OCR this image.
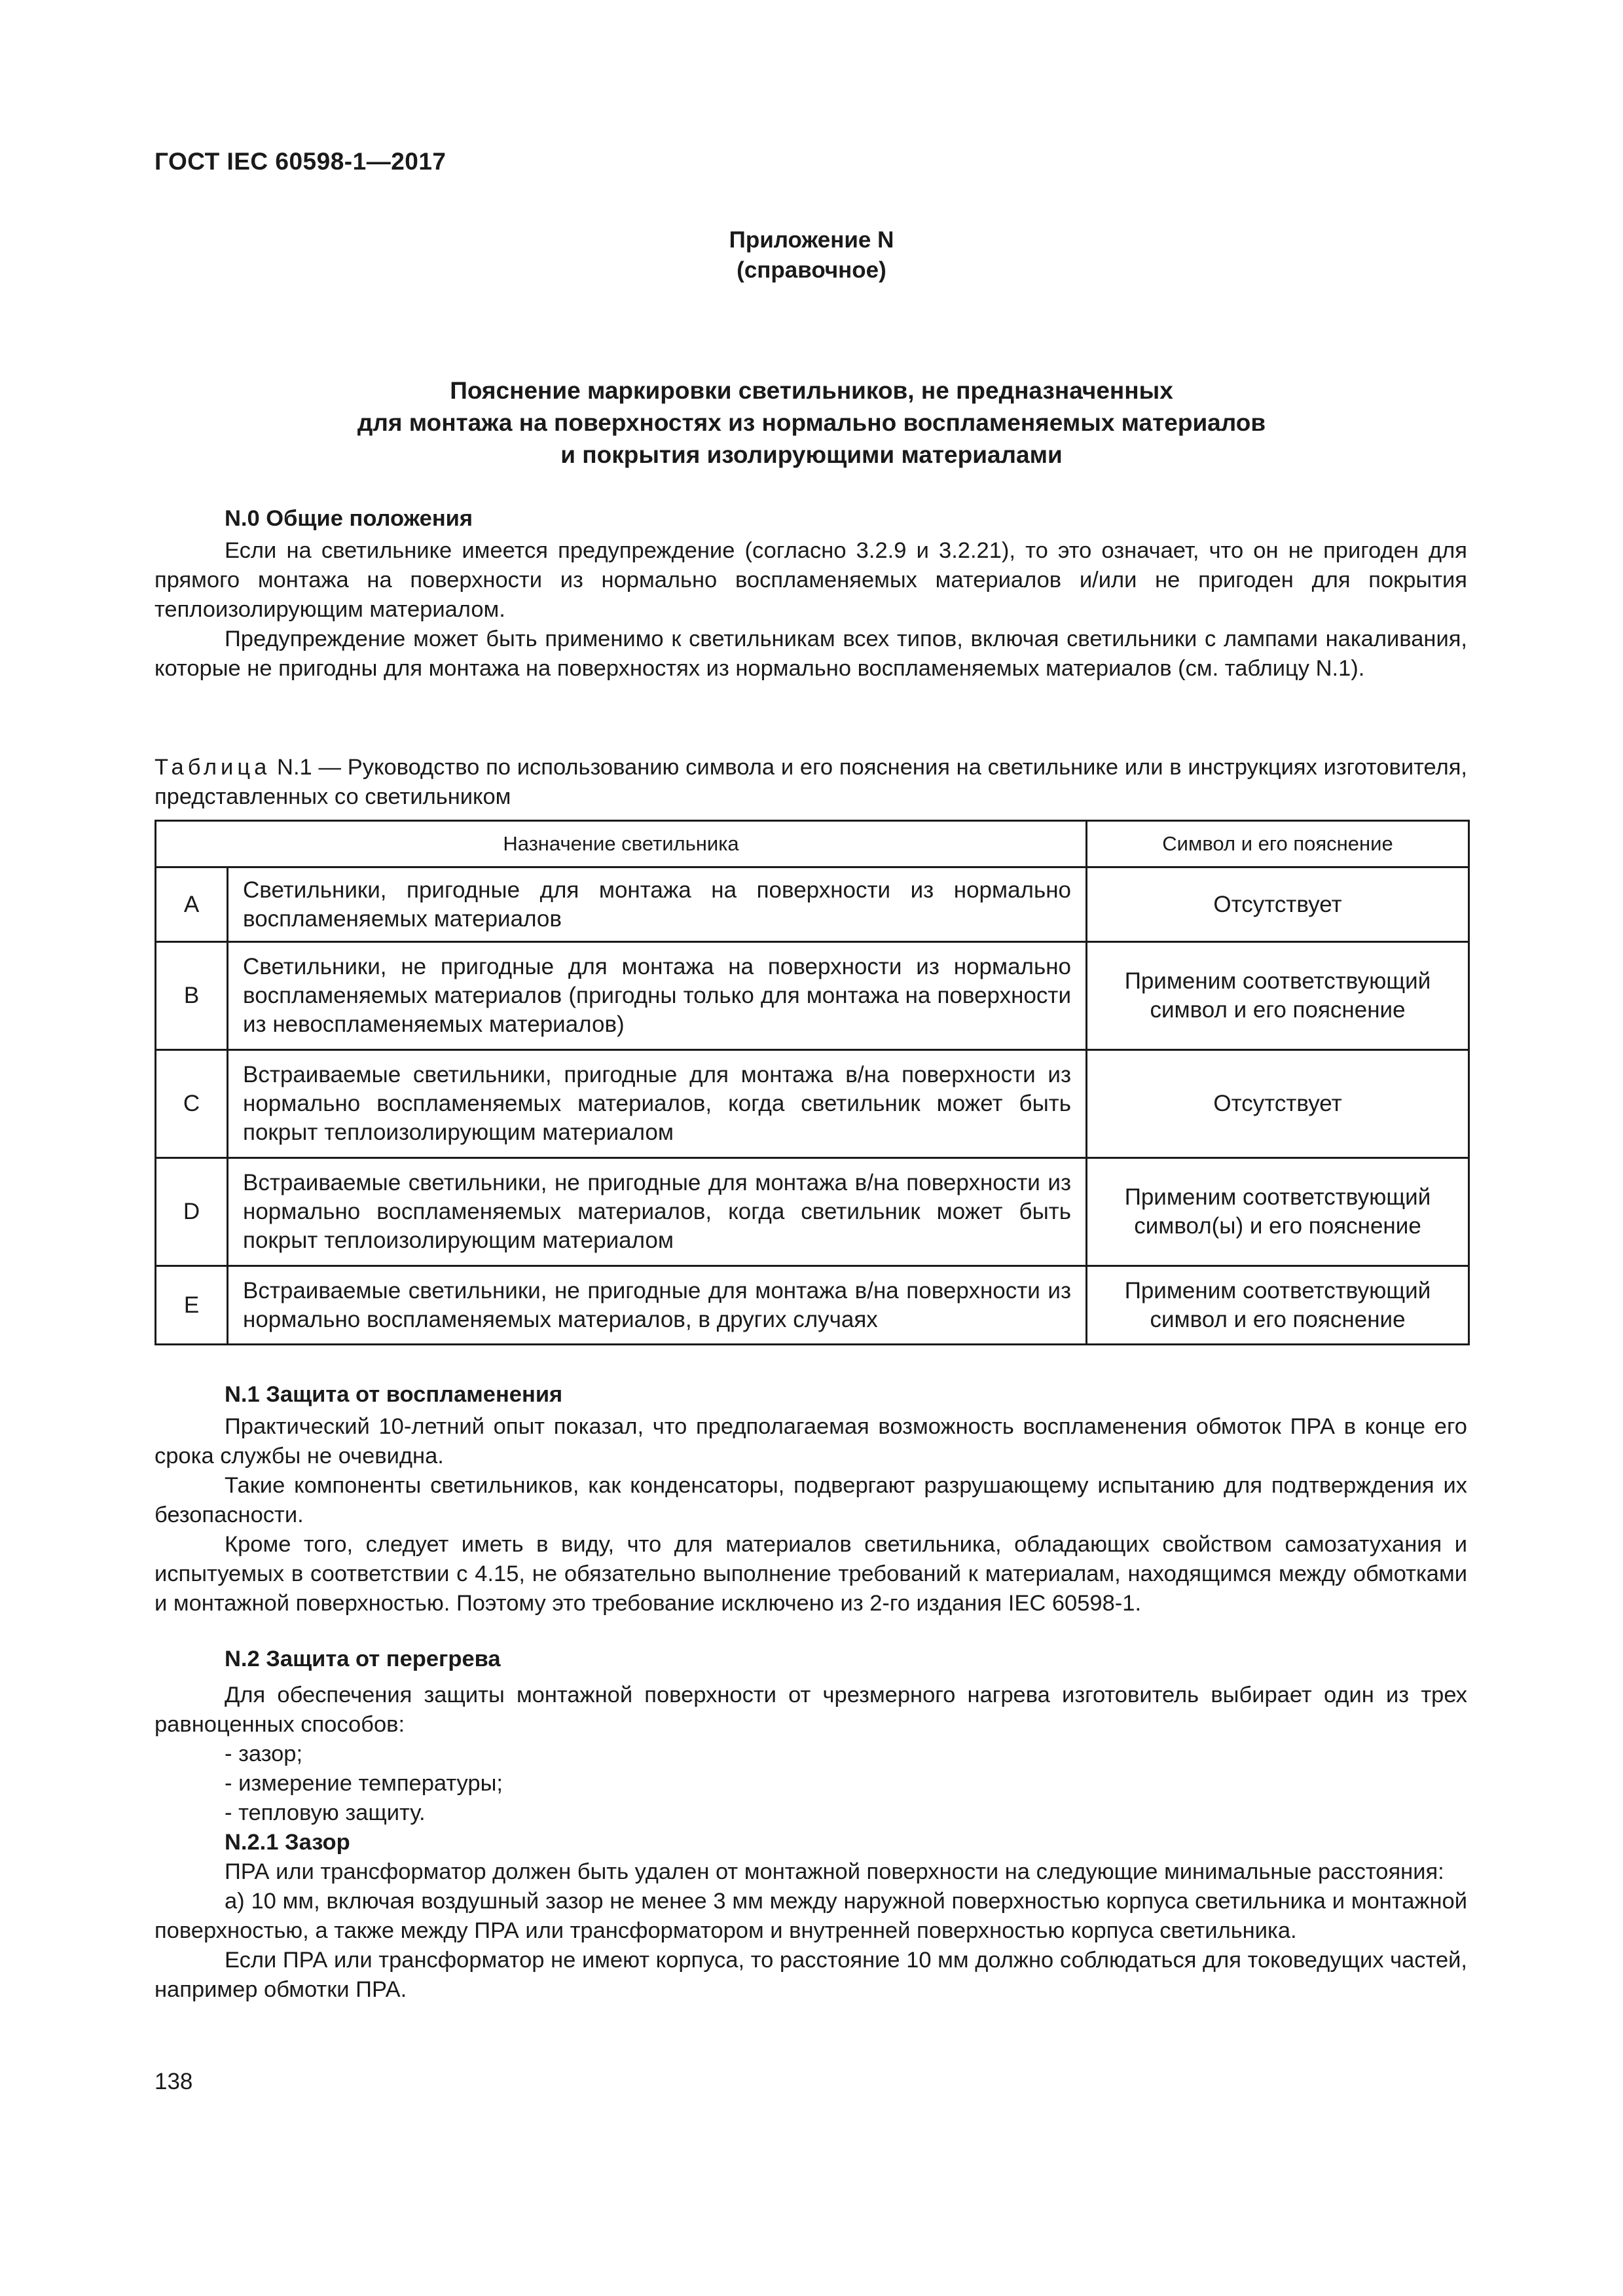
ГОСТ IEC 60598-1—2017
Приложение N
(справочное)
Пояснение маркировки светильников, не предназначенных
для монтажа на поверхностях из нормально воспламеняемых материалов
и покрытия изолирующими материалами
N.0 Общие положения
Если на светильнике имеется предупреждение (согласно 3.2.9 и 3.2.21), то это означает, что он не пригоден для прямого монтажа на поверхности из нормально воспламеняемых материалов и/или не пригоден для покрытия теплоизолирующим материалом.
Предупреждение может быть применимо к светильникам всех типов, включая светильники с лампами накаливания, которые не пригодны для монтажа на поверхностях из нормально воспламеняемых материалов (см. таблицу N.1).
Таблица N.1 — Руководство по использованию символа и его пояснения на светильнике или в инструкциях изготовителя, представленных со светильником
Назначение светильника		Символ и его пояснение
A	Светильники, пригодные для монтажа на поверхности из нормально воспламеняемых материалов	Отсутствует
B	Светильники, не пригодные для монтажа на поверхности из нормально воспламеняемых материалов (пригодны только для монтажа на поверхности из невоспламеняемых материалов)	Применим соответствующий символ и его пояснение
C	Встраиваемые светильники, пригодные для монтажа в/на поверхности из нормально воспламеняемых материалов, когда светильник может быть покрыт теплоизолирующим материалом	Отсутствует
D	Встраиваемые светильники, не пригодные для монтажа в/на поверхности из нормально воспламеняемых материалов, когда светильник может быть покрыт теплоизолирующим материалом	Применим соответствующий символ(ы) и его пояснение
E	Встраиваемые светильники, не пригодные для монтажа в/на поверхности из нормально воспламеняемых материалов, в других случаях	Применим соответствующий символ и его пояснение
N.1 Защита от воспламенения
Практический 10-летний опыт показал, что предполагаемая возможность воспламенения обмоток ПРА в конце его срока службы не очевидна.
Такие компоненты светильников, как конденсаторы, подвергают разрушающему испытанию для подтверждения их безопасности.
Кроме того, следует иметь в виду, что для материалов светильника, обладающих свойством самозатухания и испытуемых в соответствии с 4.15, не обязательно выполнение требований к материалам, находящимся между обмотками и монтажной поверхностью. Поэтому это требование исключено из 2-го издания IEC 60598-1.
N.2 Защита от перегрева
Для обеспечения защиты монтажной поверхности от чрезмерного нагрева изготовитель выбирает один из трех равноценных способов:
- зазор;
- измерение температуры;
- тепловую защиту.
N.2.1 Зазор
ПРА или трансформатор должен быть удален от монтажной поверхности на следующие минимальные расстояния:
a) 10 мм, включая воздушный зазор не менее 3 мм между наружной поверхностью корпуса светильника и монтажной поверхностью, а также между ПРА или трансформатором и внутренней поверхностью корпуса светильника.
Если ПРА или трансформатор не имеют корпуса, то расстояние 10 мм должно соблюдаться для токоведущих частей, например обмотки ПРА.
138
